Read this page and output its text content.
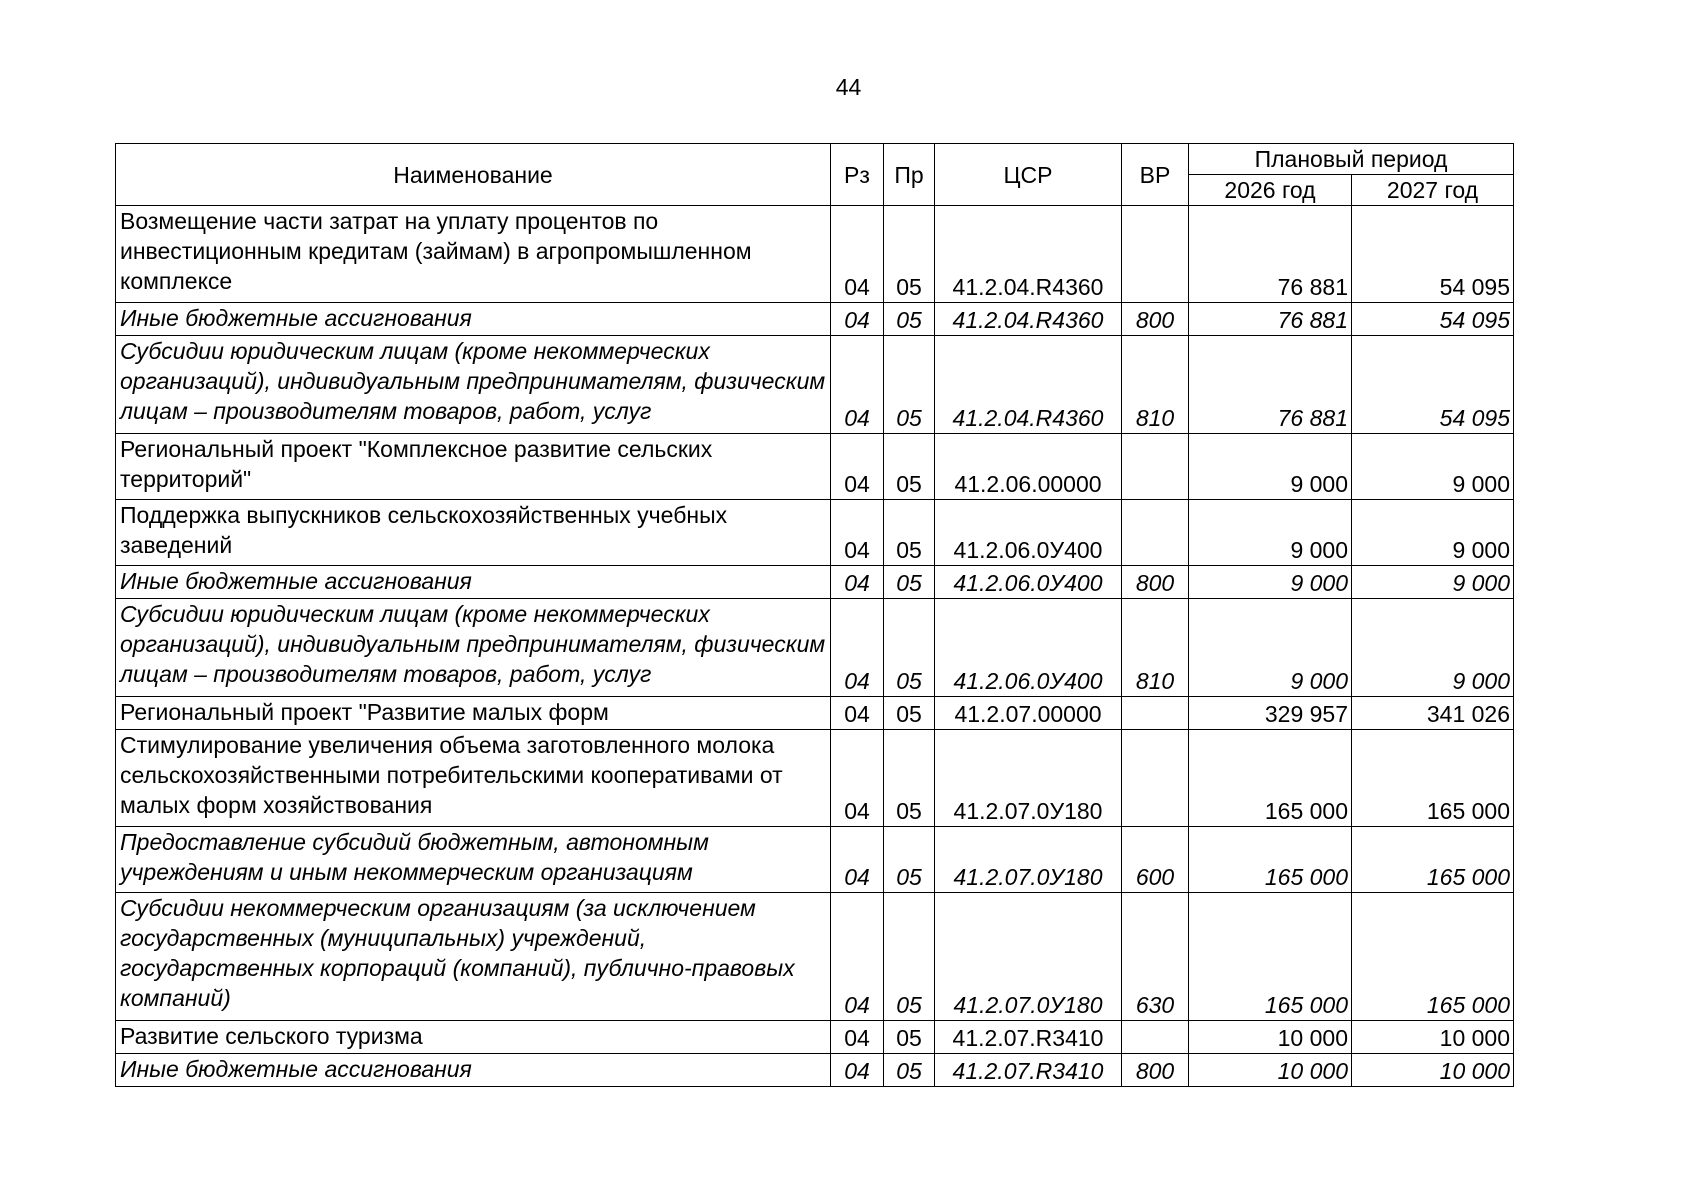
44
Наименование	Рз	Пр	ЦСР	ВР	Плановый период	
					2026 год	2027 год
Возмещение части затрат на уплату процентов по инвестиционным кредитам (займам) в агропромышленном комплексе	04	05	41.2.04.R4360		76 881	54 095
Иные бюджетные ассигнования	04	05	41.2.04.R4360	800	76 881	54 095
Субсидии юридическим лицам (кроме некоммерческих организаций), индивидуальным предпринимателям, физическим лицам – производителям товаров, работ, услуг	04	05	41.2.04.R4360	810	76 881	54 095
Региональный проект "Комплексное развитие сельских территорий"	04	05	41.2.06.00000		9 000	9 000
Поддержка выпускников сельскохозяйственных учебных заведений	04	05	41.2.06.0У400		9 000	9 000
Иные бюджетные ассигнования	04	05	41.2.06.0У400	800	9 000	9 000
Субсидии юридическим лицам (кроме некоммерческих организаций), индивидуальным предпринимателям, физическим лицам – производителям товаров, работ, услуг	04	05	41.2.06.0У400	810	9 000	9 000
Региональный проект "Развитие малых форм	04	05	41.2.07.00000		329 957	341 026
Стимулирование увеличения объема заготовленного молока сельскохозяйственными потребительскими кооперативами от малых форм хозяйствования	04	05	41.2.07.0У180		165 000	165 000
Предоставление субсидий бюджетным, автономным учреждениям и иным некоммерческим организациям	04	05	41.2.07.0У180	600	165 000	165 000
Субсидии некоммерческим организациям (за исключением государственных (муниципальных) учреждений, государственных корпораций (компаний), публично-правовых компаний)	04	05	41.2.07.0У180	630	165 000	165 000
Развитие сельского туризма	04	05	41.2.07.R3410		10 000	10 000
Иные бюджетные ассигнования	04	05	41.2.07.R3410	800	10 000	10 000
